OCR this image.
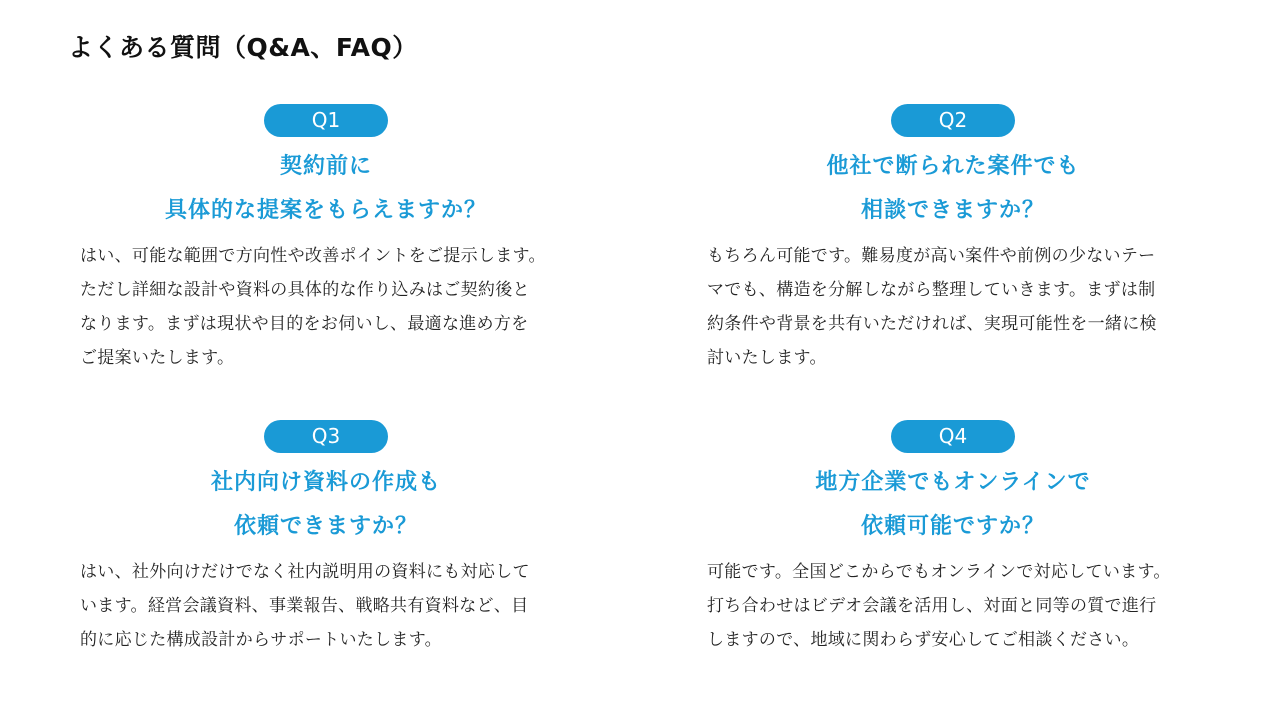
よくある質問（Q&A、FAQ）
Q1
契約前に
具体的な提案をもらえますか？
はい、可能な範囲で方向性や改善ポイントをご提示します。
ただし詳細な設計や資料の具体的な作り込みはご契約後と
なります。まずは現状や目的をお伺いし、最適な進め方を
ご提案いたします。
Q2
他社で断られた案件でも
相談できますか？
もちろん可能です。難易度が高い案件や前例の少ないテー
マでも、構造を分解しながら整理していきます。まずは制
約条件や背景を共有いただければ、実現可能性を一緒に検
討いたします。
Q3
社内向け資料の作成も
依頼できますか？
はい、社外向けだけでなく社内説明用の資料にも対応して
います。経営会議資料、事業報告、戦略共有資料など、目
的に応じた構成設計からサポートいたします。
Q4
地方企業でもオンラインで
依頼可能ですか？
可能です。全国どこからでもオンラインで対応しています。
打ち合わせはビデオ会議を活用し、対面と同等の質で進行
しますので、地域に関わらず安心してご相談ください。
